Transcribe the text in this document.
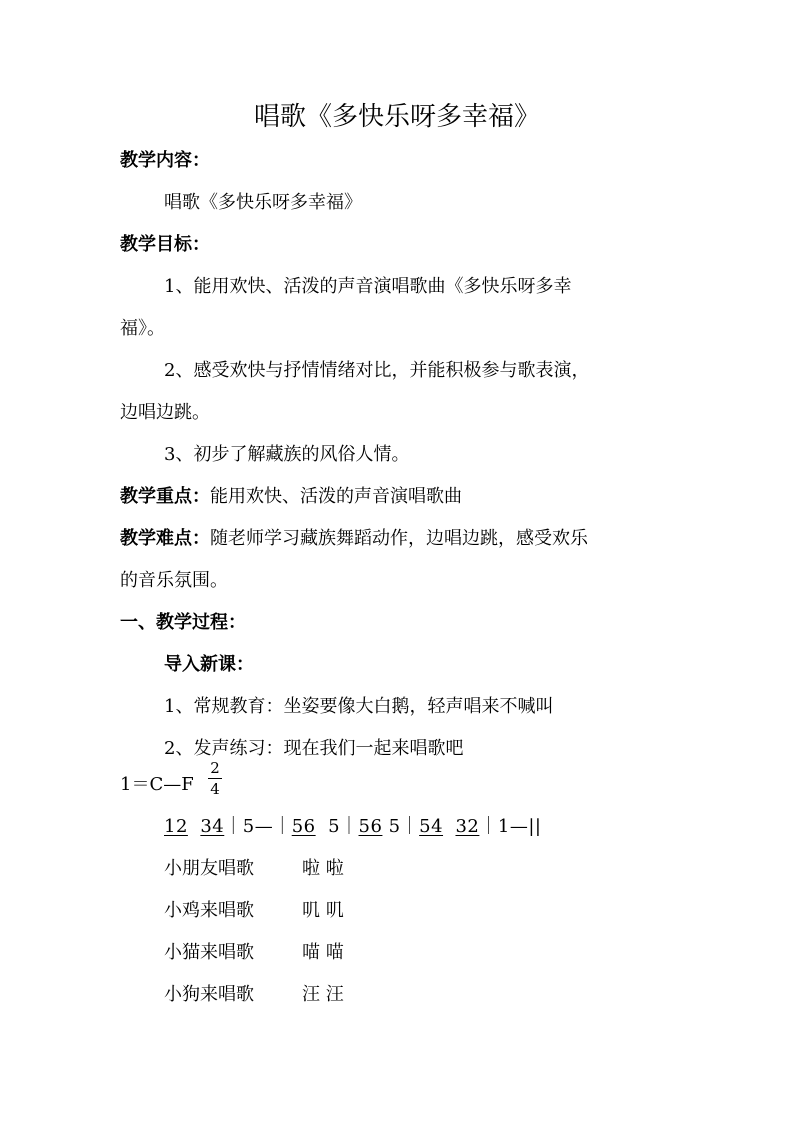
唱歌《多快乐呀多幸福》
教学内容：
唱歌《多快乐呀多幸福》
教学目标：
1、能用欢快、活泼的声音演唱歌曲《多快乐呀多幸
福》。
2、感受欢快与抒情情绪对比，并能积极参与歌表演，
边唱边跳。
3、初步了解藏族的风俗人情。
教学重点：能用欢快、活泼的声音演唱歌曲
教学难点：随老师学习藏族舞蹈动作，边唱边跳，感受欢乐
的音乐氛围。
一、教学过程：
导入新课：
1、常规教育：坐姿要像大白鹅，轻声唱来不喊叫
2、发声练习：现在我们一起来唱歌吧
1＝C—F
2
4
12 34｜5—｜56  5｜56 5｜54 32｜1—||
小朋友唱歌	啦 啦
小鸡来唱歌	叽 叽
小猫来唱歌	喵 喵
小狗来唱歌	汪 汪
